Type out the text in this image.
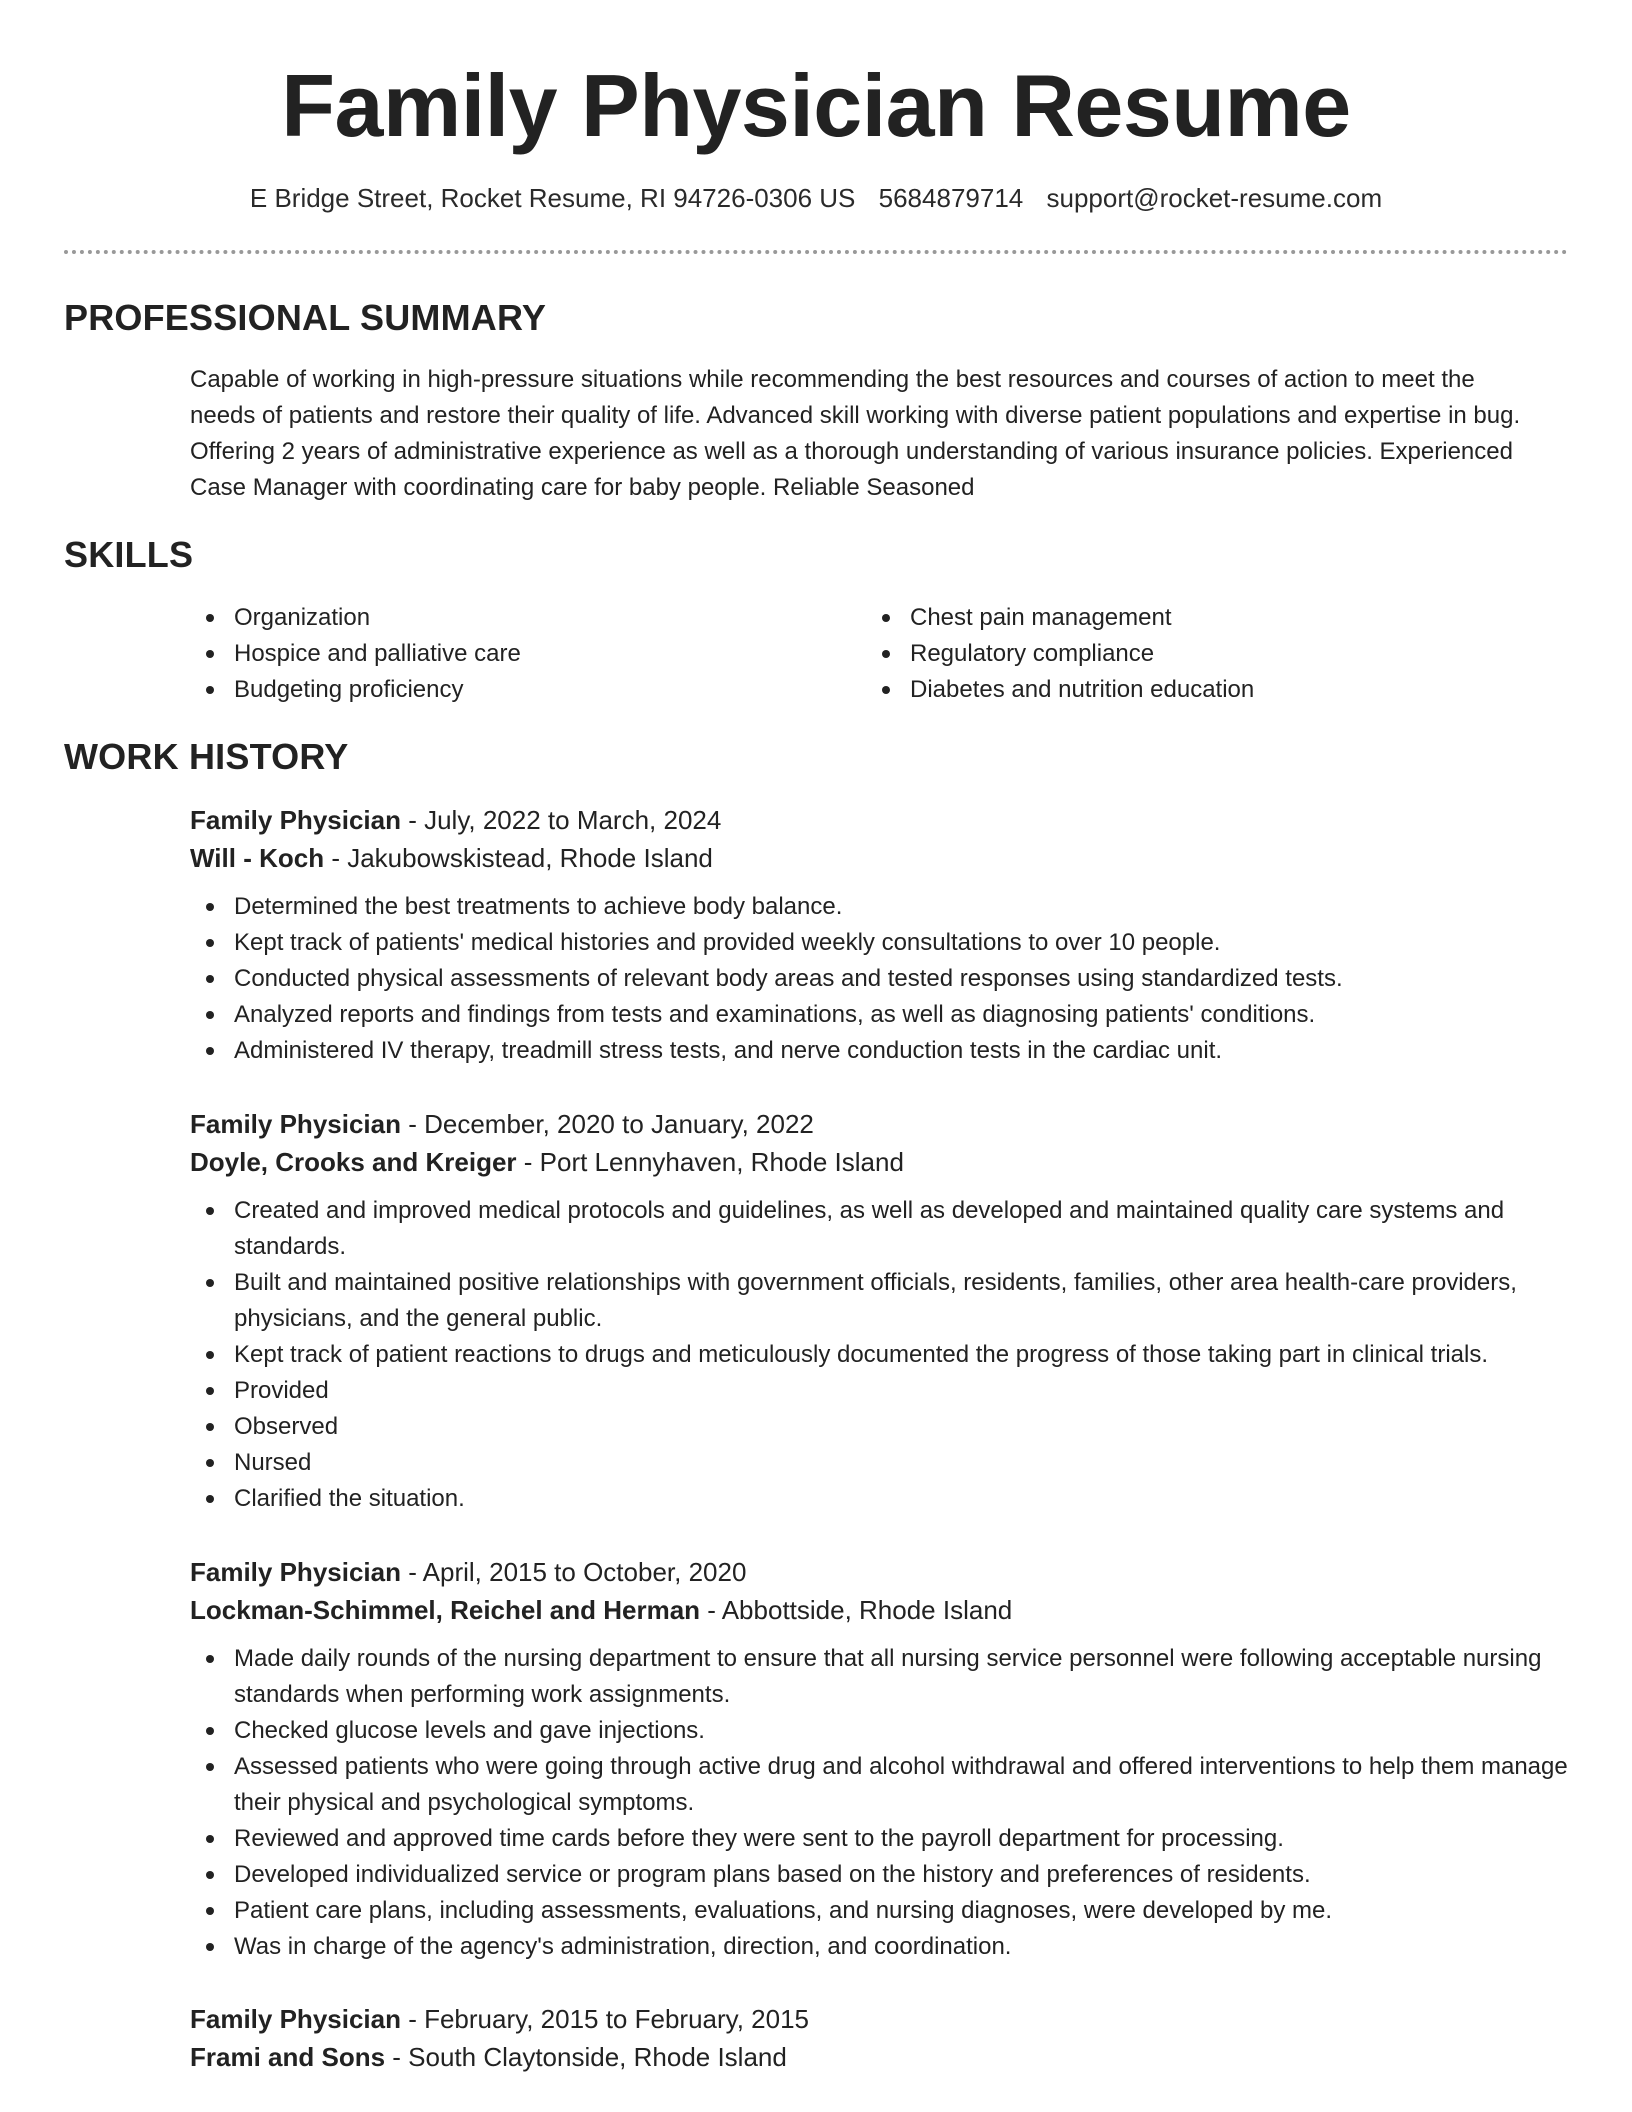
Family Physician Resume
E Bridge Street, Rocket Resume, RI 94726-0306 US 5684879714 support@rocket-resume.com
PROFESSIONAL SUMMARY
Capable of working in high-pressure situations while recommending the best resources and courses of action to meet the needs of patients and restore their quality of life. Advanced skill working with diverse patient populations and expertise in bug. Offering 2 years of administrative experience as well as a thorough understanding of various insurance policies. Experienced Case Manager with coordinating care for baby people. Reliable Seasoned
SKILLS
Organization
Hospice and palliative care
Budgeting proficiency
Chest pain management
Regulatory compliance
Diabetes and nutrition education
WORK HISTORY
Family Physician - July, 2022 to March, 2024
Will - Koch - Jakubowskistead, Rhode Island
Determined the best treatments to achieve body balance.
Kept track of patients' medical histories and provided weekly consultations to over 10 people.
Conducted physical assessments of relevant body areas and tested responses using standardized tests.
Analyzed reports and findings from tests and examinations, as well as diagnosing patients' conditions.
Administered IV therapy, treadmill stress tests, and nerve conduction tests in the cardiac unit.
Family Physician - December, 2020 to January, 2022
Doyle, Crooks and Kreiger - Port Lennyhaven, Rhode Island
Created and improved medical protocols and guidelines, as well as developed and maintained quality care systems and standards.
Built and maintained positive relationships with government officials, residents, families, other area health-care providers, physicians, and the general public.
Kept track of patient reactions to drugs and meticulously documented the progress of those taking part in clinical trials.
Provided
Observed
Nursed
Clarified the situation.
Family Physician - April, 2015 to October, 2020
Lockman-Schimmel, Reichel and Herman - Abbottside, Rhode Island
Made daily rounds of the nursing department to ensure that all nursing service personnel were following acceptable nursing standards when performing work assignments.
Checked glucose levels and gave injections.
Assessed patients who were going through active drug and alcohol withdrawal and offered interventions to help them manage their physical and psychological symptoms.
Reviewed and approved time cards before they were sent to the payroll department for processing.
Developed individualized service or program plans based on the history and preferences of residents.
Patient care plans, including assessments, evaluations, and nursing diagnoses, were developed by me.
Was in charge of the agency's administration, direction, and coordination.
Family Physician - February, 2015 to February, 2015
Frami and Sons - South Claytonside, Rhode Island
